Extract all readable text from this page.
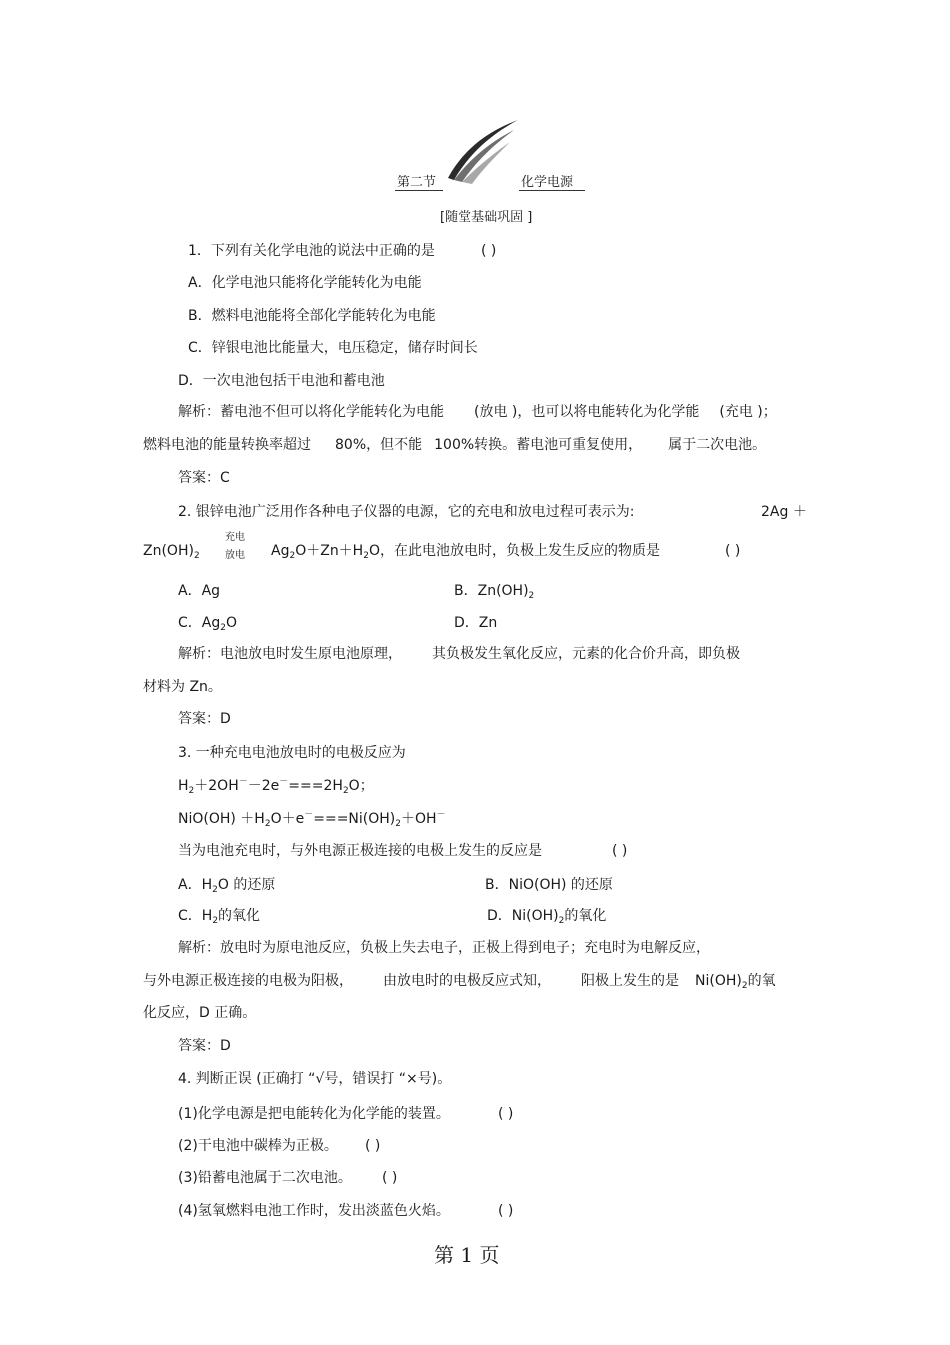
第二节	化学电源
[随堂基础巩固 ]
1．下列有关化学电池的说法中正确的是	( )
A．化学电池只能将化学能转化为电能
B．燃料电池能将全部化学能转化为电能
C．锌银电池比能量大，电压稳定，储存时间长
D．一次电池包括干电池和蓄电池
解析：蓄电池不但可以将化学能转化为电能 (放电 )，也可以将电能转化为化学能 (充电 )；
燃料电池的能量转换率超过 80%，但不能 100%转换。蓄电池可重复使用， 属于二次电池。
答案：C
2. 银锌电池广泛用作各种电子仪器的电源，它的充电和放电过程可表示为:	2Ag ＋
$Zn(OH)_2$
充电
放电 $Ag_2O+Zn+H_2O$，在此电池放电时，负极上发生反应的物质是	( )
A．Ag	B．$Zn(OH)_2$
C．$Ag_2O$	D．Zn
解析：电池放电时发生原电池原理， 其负极发生氧化反应，元素的化合价升高，即负极
材料为 Zn。
答案：D
3. 一种充电电池放电时的电极反应为
$H_2+2OH^--2e^-===2H_2O$；
$NiO(OH) +H_2O+e^-===Ni(OH)_2+OH^-$
当为电池充电时，与外电源正极连接的电极上发生的反应是	( )
A．$H_2O$ 的还原	B．NiO(OH) 的还原
C．$H_2$的氧化	D．$Ni(OH)_2$的氧化
解析：放电时为原电池反应，负极上失去电子，正极上得到电子；充电时为电解反应，
与外电源正极连接的电极为阳极， 由放电时的电极反应式知， 阳极上发生的是 $Ni(OH)_2$的氧
化反应，D 正确。
答案：D
4. 判断正误 (正确打 “√号，错误打 “×号)。
(1)化学电源是把电能转化为化学能的装置。	( )
(2)干电池中碳棒为正极。 ( )
(3)铅蓄电池属于二次电池。 ( )
(4)氢氧燃料电池工作时，发出淡蓝色火焰。	( )
第 1 页
